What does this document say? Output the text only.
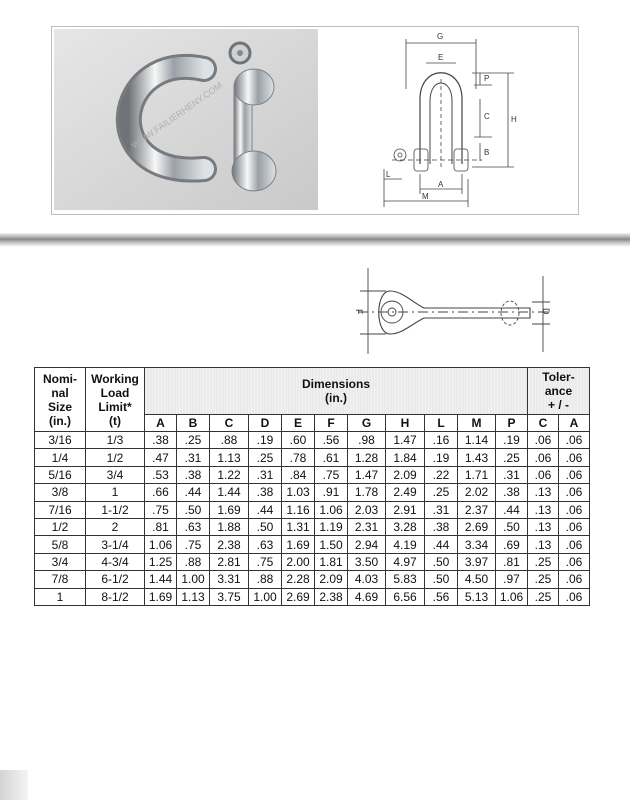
WWW.FAILIERHENY.COM
G
E
P
H
C
B
L
A
M
F	D
Nomi-
nal
Size
(in.)	Working
Load
Limit*
(t)	Dimensions
(in.)											Toler-
ance
+ / -	
		A	B	C	D	E	F	G	H	L	M	P	C	A
3/16	1/3	.38	.25	.88	.19	.60	.56	.98	1.47	.16	1.14	.19	.06	.06
1/4	1/2	.47	.31	1.13	.25	.78	.61	1.28	1.84	.19	1.43	.25	.06	.06
5/16	3/4	.53	.38	1.22	.31	.84	.75	1.47	2.09	.22	1.71	.31	.06	.06
3/8	1	.66	.44	1.44	.38	1.03	.91	1.78	2.49	.25	2.02	.38	.13	.06
7/16	1-1/2	.75	.50	1.69	.44	1.16	1.06	2.03	2.91	.31	2.37	.44	.13	.06
1/2	2	.81	.63	1.88	.50	1.31	1.19	2.31	3.28	.38	2.69	.50	.13	.06
5/8	3-1/4	1.06	.75	2.38	.63	1.69	1.50	2.94	4.19	.44	3.34	.69	.13	.06
3/4	4-3/4	1.25	.88	2.81	.75	2.00	1.81	3.50	4.97	.50	3.97	.81	.25	.06
7/8	6-1/2	1.44	1.00	3.31	.88	2.28	2.09	4.03	5.83	.50	4.50	.97	.25	.06
1	8-1/2	1.69	1.13	3.75	1.00	2.69	2.38	4.69	6.56	.56	5.13	1.06	.25	.06
